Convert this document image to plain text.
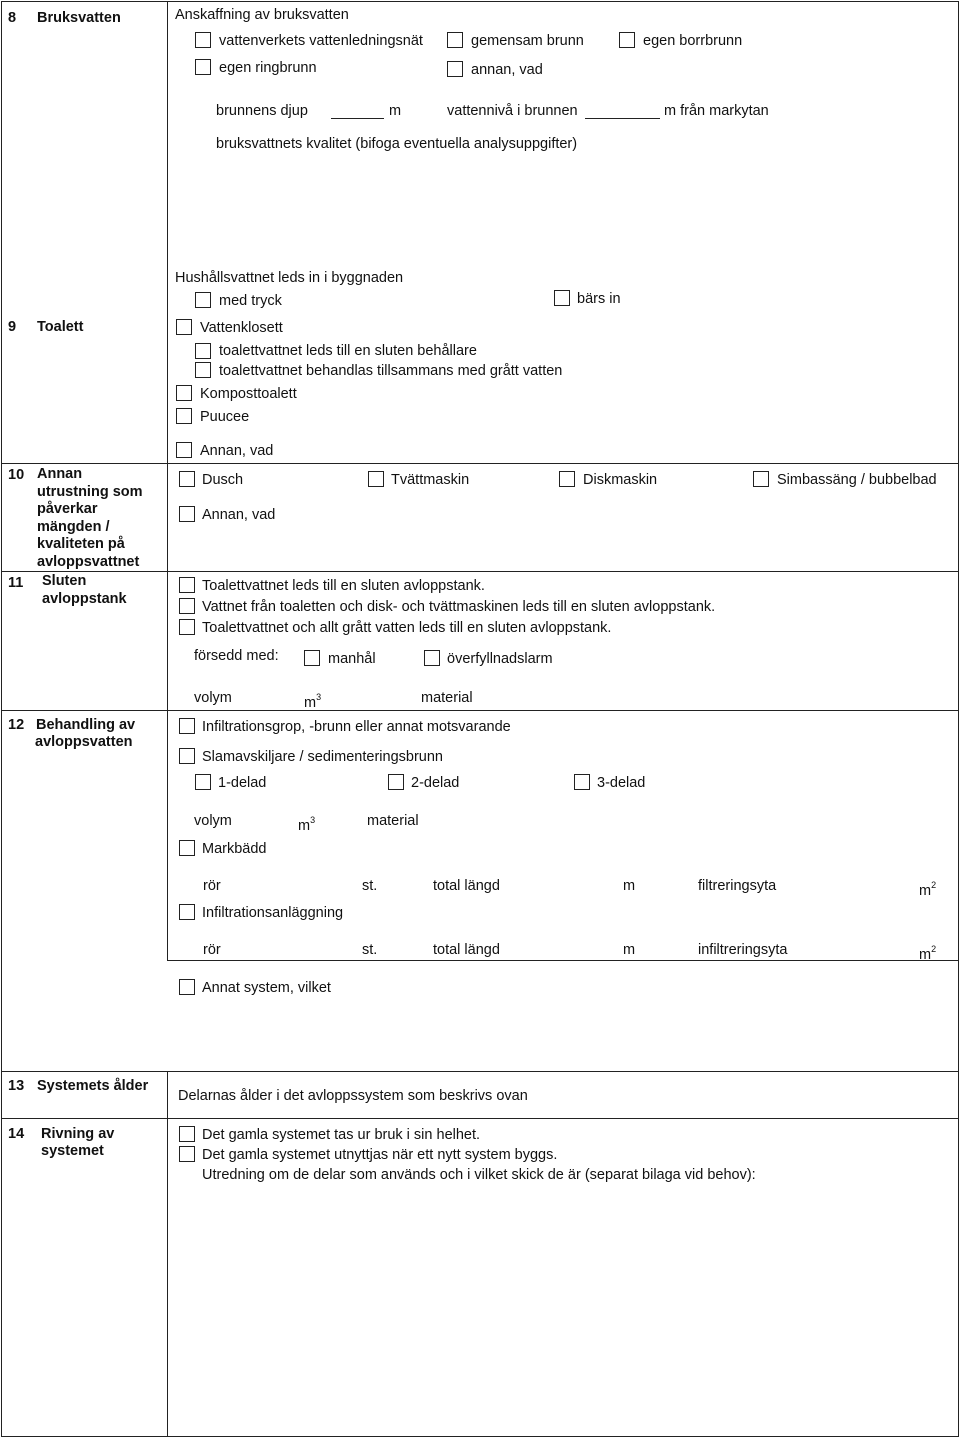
8 Bruksvatten	Anskaffning av bruksvatten
vattenverkets vattenledningsnät	gemensam brunn	egen borrbrunn
egen ringbrunn	annan, vad
brunnens djup	m	vattennivå i brunnen	m från markytan
bruksvattnets kvalitet (bifoga eventuella analysuppgifter)
Hushållsvattnet leds in i byggnaden
med tryck	bärs in
9 Toalett	Vattenklosett
toalettvattnet leds till en sluten behållare
toalettvattnet behandlas tillsammans med grått vatten
Komposttoalett
Puucee
Annan, vad
10 Annan
utrustning som
påverkar
mängden /
kvaliteten på
avloppsvattnet
Dusch	Tvättmaskin	Diskmaskin	Simbassäng / bubbelbad
Annan, vad
11 Sluten
avloppstank
Toalettvattnet leds till en sluten avloppstank.
Vattnet från toaletten och disk- och tvättmaskinen leds till en sluten avloppstank.
Toalettvattnet och allt grått vatten leds till en sluten avloppstank.
försedd med:	manhål	överfyllnadslarm
volym	$m^3$	material
12 Behandling av
avloppsvatten
Infiltrationsgrop, -brunn eller annat motsvarande
Slamavskiljare / sedimenteringsbrunn
1-delad	2-delad	3-delad
volym	$m^3$	material
Markbädd
rör	st.	total längd	m	filtreringsyta	$m^2$
Infiltrationsanläggning
rör	st.	total längd	m	infiltreringsyta	$m^2$
Annat system, vilket
13 Systemets ålder
Delarnas ålder i det avloppssystem som beskrivs ovan
14 Rivning av
systemet
Det gamla systemet tas ur bruk i sin helhet.
Det gamla systemet utnyttjas när ett nytt system byggs.
Utredning om de delar som används och i vilket skick de är (separat bilaga vid behov):
